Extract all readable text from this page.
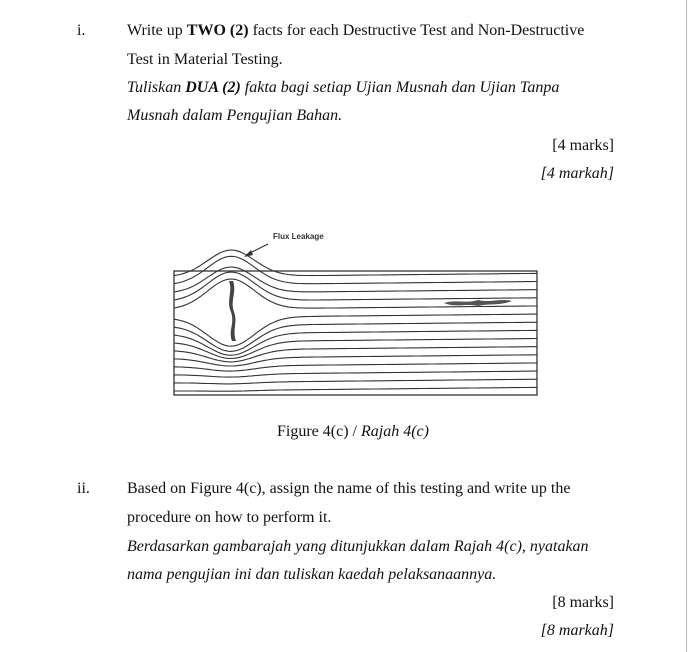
i.	Write up TWO (2) facts for each Destructive Test and Non-Destructive
Test in Material Testing.
Tuliskan DUA (2) fakta bagi setiap Ujian Musnah dan Ujian Tanpa
Musnah dalam Pengujian Bahan.
[4 marks]
[4 markah]
Flux Leakage
Figure 4(c) / Rajah 4(c)
ii. Based on Figure 4(c), assign the name of this testing and write up the
procedure on how to perform it.
Berdasarkan gambarajah yang ditunjukkan dalam Rajah 4(c), nyatakan
nama pengujian ini dan tuliskan kaedah pelaksanaannya.
[8 marks]
[8 markah]
